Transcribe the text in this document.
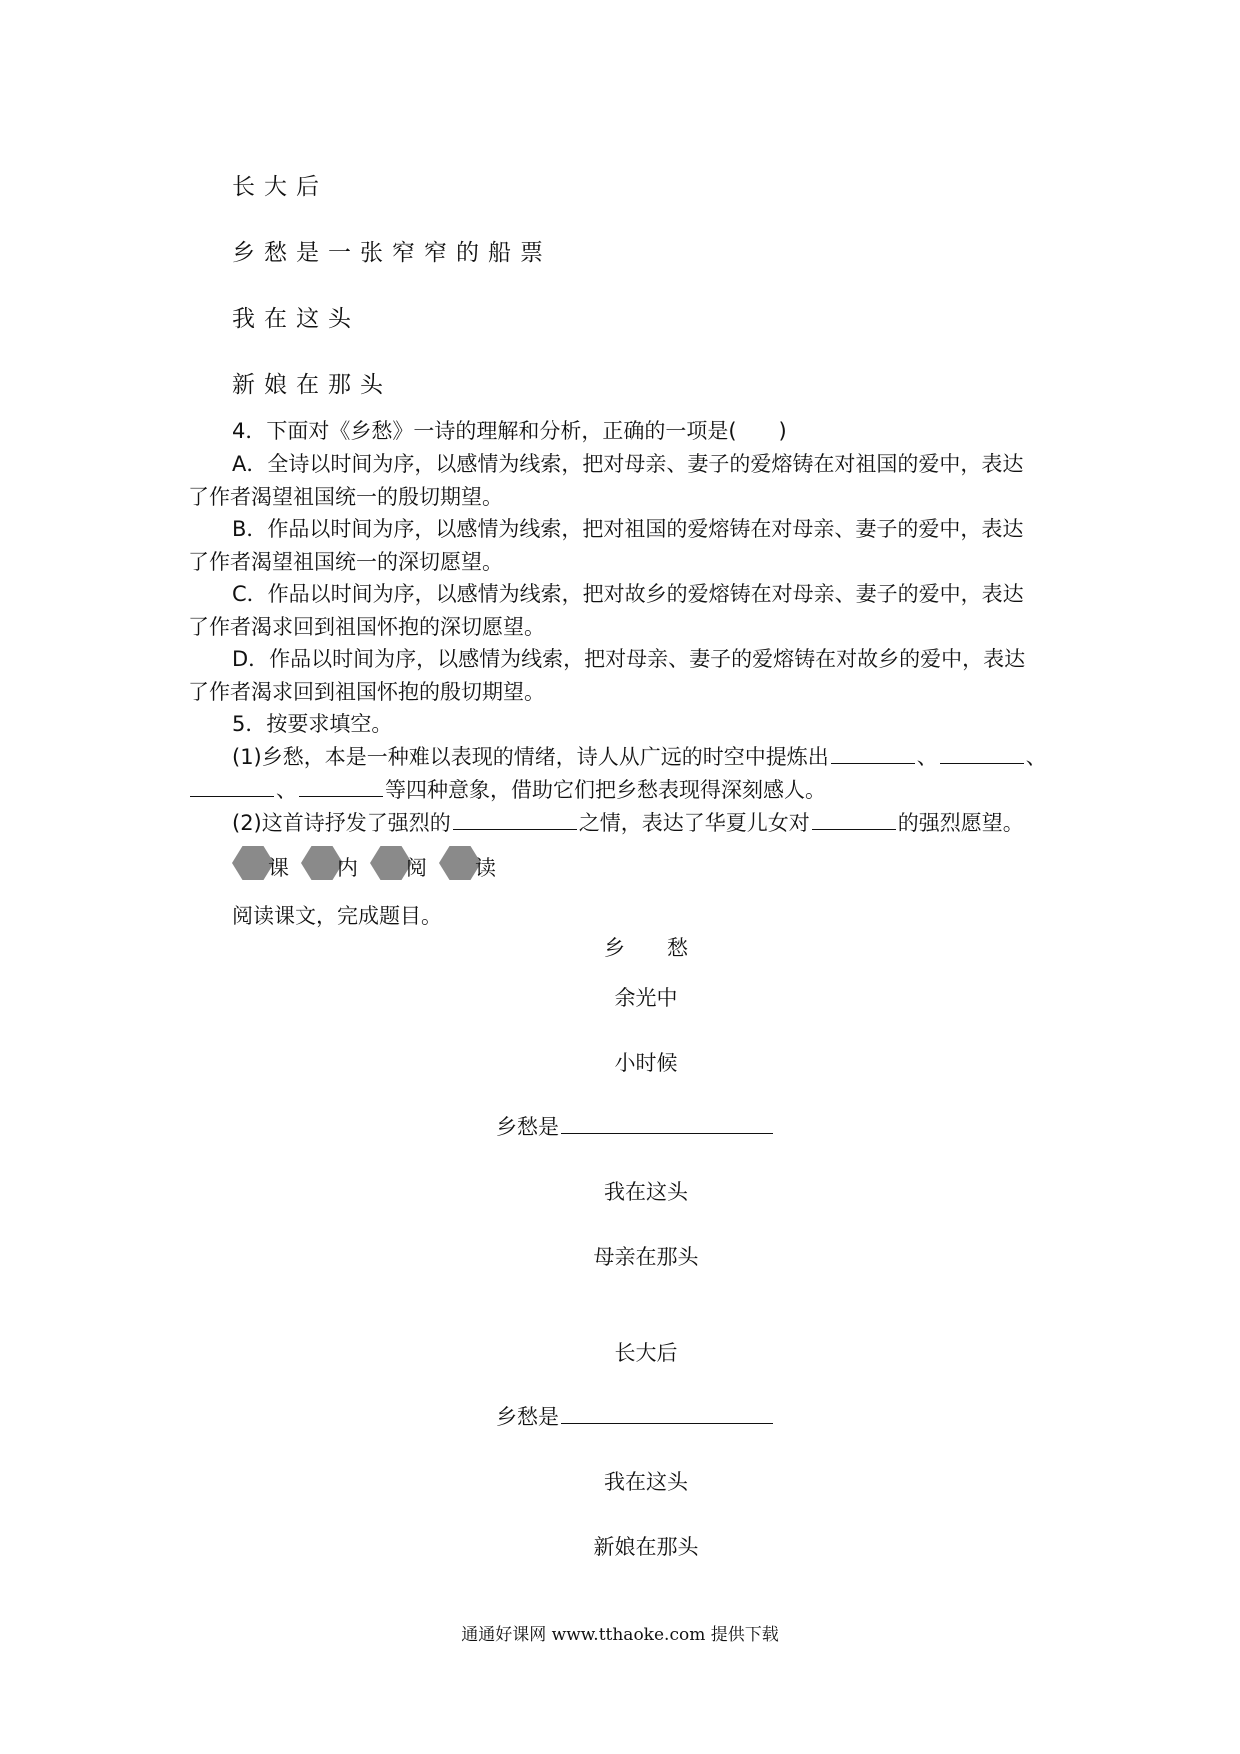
长大后
乡愁是一张窄窄的船票
我在这头
新娘在那头
4．下面对《乡愁》一诗的理解和分析，正确的一项是(　　)
A．全诗以时间为序，以感情为线索，把对母亲、妻子的爱熔铸在对祖国的爱中，表达
了作者渴望祖国统一的殷切期望。
B．作品以时间为序，以感情为线索，把对祖国的爱熔铸在对母亲、妻子的爱中，表达
了作者渴望祖国统一的深切愿望。
C．作品以时间为序，以感情为线索，把对故乡的爱熔铸在对母亲、妻子的爱中，表达
了作者渴求回到祖国怀抱的深切愿望。
D．作品以时间为序，以感情为线索，把对母亲、妻子的爱熔铸在对故乡的爱中，表达
了作者渴求回到祖国怀抱的殷切期望。
5．按要求填空。
(1)乡愁，本是一种难以表现的情绪，诗人从广远的时空中提炼出	、	、
、	等四种意象，借助它们把乡愁表现得深刻感人。
(2)这首诗抒发了强烈的	之情，表达了华夏儿女对	的强烈愿望。
课 内 阅 读
阅读课文，完成题目。
乡　　愁
余光中
小时候
乡愁是
我在这头
母亲在那头
长大后
乡愁是
我在这头
新娘在那头
通通好课网 www.tthaoke.com 提供下载
